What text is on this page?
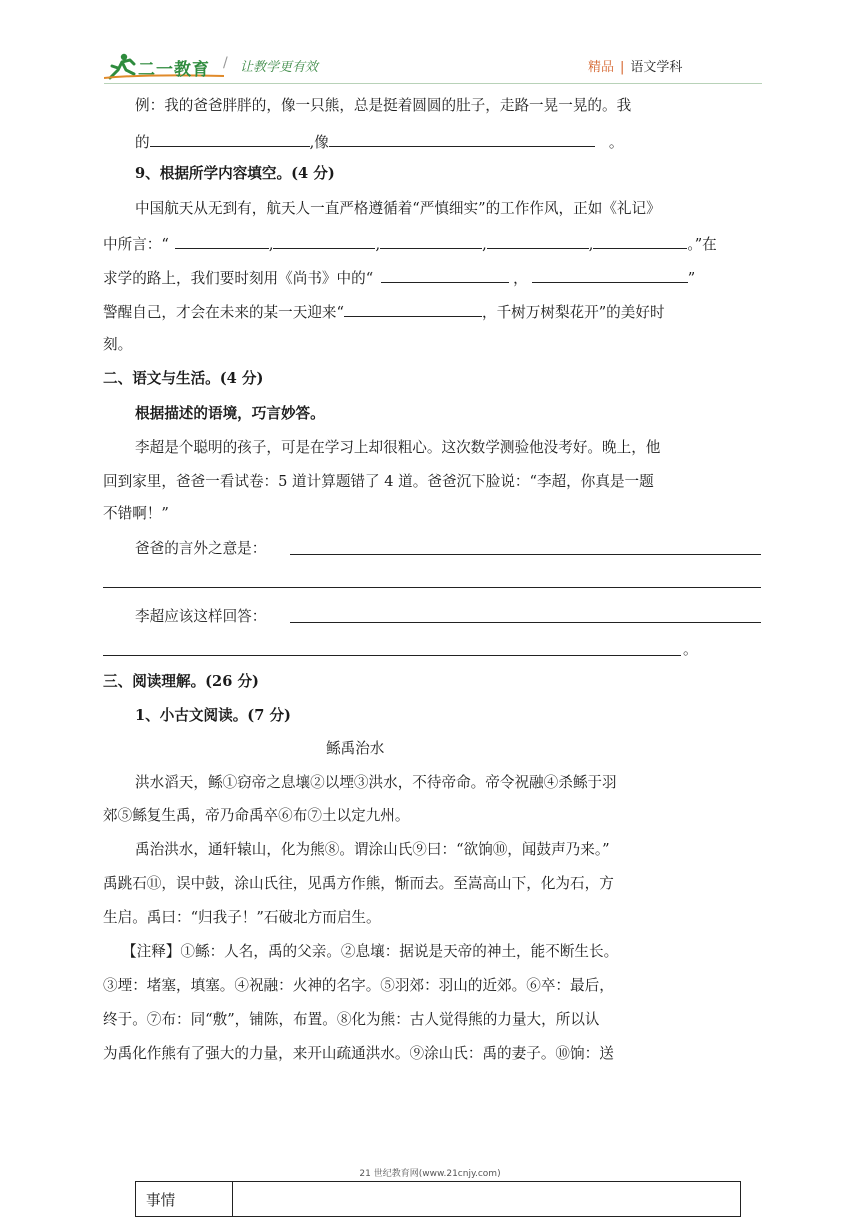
二一教育 / 让教学更有效	精品 | 语文学科
例：我的爸爸胖胖的，像一只熊，总是挺着圆圆的肚子，走路一晃一晃的。我
的	,像	。
9、根据所学内容填空。(4 分)
中国航天从无到有，航天人一直严格遵循着“严慎细实”的工作作风，正如《礼记》
中所言：“	,	,	,	,	。”在
求学的路上，我们要时刻用《尚书》中的“	，	”
警醒自己，才会在未来的某一天迎来“	，千树万树梨花开”的美好时
刻。
二、语文与生活。(4 分)
根据描述的语境，巧言妙答。
李超是个聪明的孩子，可是在学习上却很粗心。这次数学测验他没考好。晚上，他
回到家里，爸爸一看试卷：5 道计算题错了 4 道。爸爸沉下脸说：“李超，你真是一题
不错啊！”
爸爸的言外之意是：
李超应该这样回答：
。
三、阅读理解。(26 分)
1、小古文阅读。(7 分)
鲧禹治水
洪水滔天，鲧①窃帝之息壤②以堙③洪水，不待帝命。帝令祝融④杀鲧于羽
郊⑤鲧复生禹，帝乃命禹卒⑥布⑦土以定九州。
禹治洪水，通轩辕山，化为熊⑧。谓涂山氏⑨曰：“欲饷⑩，闻鼓声乃来。”
禹跳石⑪，误中鼓，涂山氏往，见禹方作熊，惭而去。至嵩高山下，化为石，方
生启。禹曰：“归我子！”石破北方而启生。
【注释】①鲧：人名，禹的父亲。②息壤：据说是天帝的神土，能不断生长。
③堙：堵塞，填塞。④祝融：火神的名字。⑤羽郊：羽山的近郊。⑥卒：最后，
终于。⑦布：同“敷”，铺陈，布置。⑧化为熊：古人觉得熊的力量大，所以认
为禹化作熊有了强大的力量，来开山疏通洪水。⑨涂山氏：禹的妻子。⑩饷：送
21 世纪教育网(www.21cnjy.com)
事情	
